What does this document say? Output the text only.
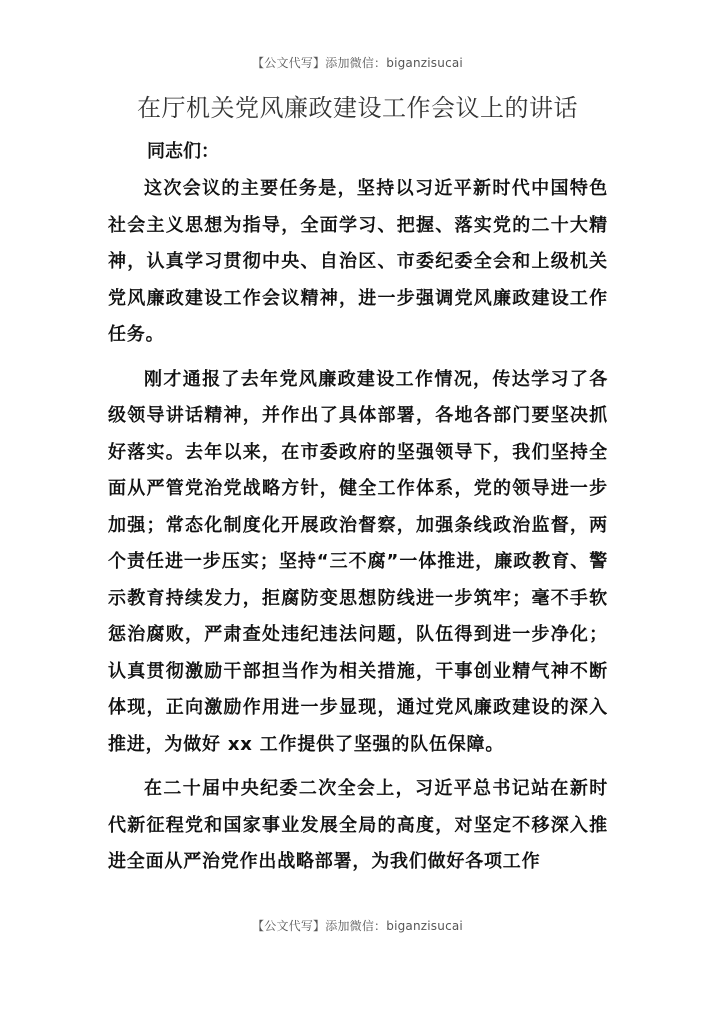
【公文代写】添加微信：biganzisucai
在厅机关党风廉政建设工作会议上的讲话

同志们：

这次会议的主要任务是，坚持以习近平新时代中国特色社会主义思想为指导，全面学习、把握、落实党的二十大精神，认真学习贯彻中央、自治区、市委纪委全会和上级机关党风廉政建设工作会议精神，进一步强调党风廉政建设工作任务。

刚才通报了去年党风廉政建设工作情况，传达学习了各级领导讲话精神，并作出了具体部署，各地各部门要坚决抓好落实。去年以来，在市委政府的坚强领导下，我们坚持全面从严管党治党战略方针，健全工作体系，党的领导进一步加强；常态化制度化开展政治督察，加强条线政治监督，两个责任进一步压实；坚持“三不腐”一体推进，廉政教育、警示教育持续发力，拒腐防变思想防线进一步筑牢；毫不手软惩治腐败，严肃查处违纪违法问题，队伍得到进一步净化；认真贯彻激励干部担当作为相关措施，干事创业精气神不断体现，正向激励作用进一步显现，通过党风廉政建设的深入推进，为做好 xx 工作提供了坚强的队伍保障。

在二十届中央纪委二次全会上，习近平总书记站在新时代新征程党和国家事业发展全局的高度，对坚定不移深入推进全面从严治党作出战略部署，为我们做好各项工作

【公文代写】添加微信：biganzisucai
